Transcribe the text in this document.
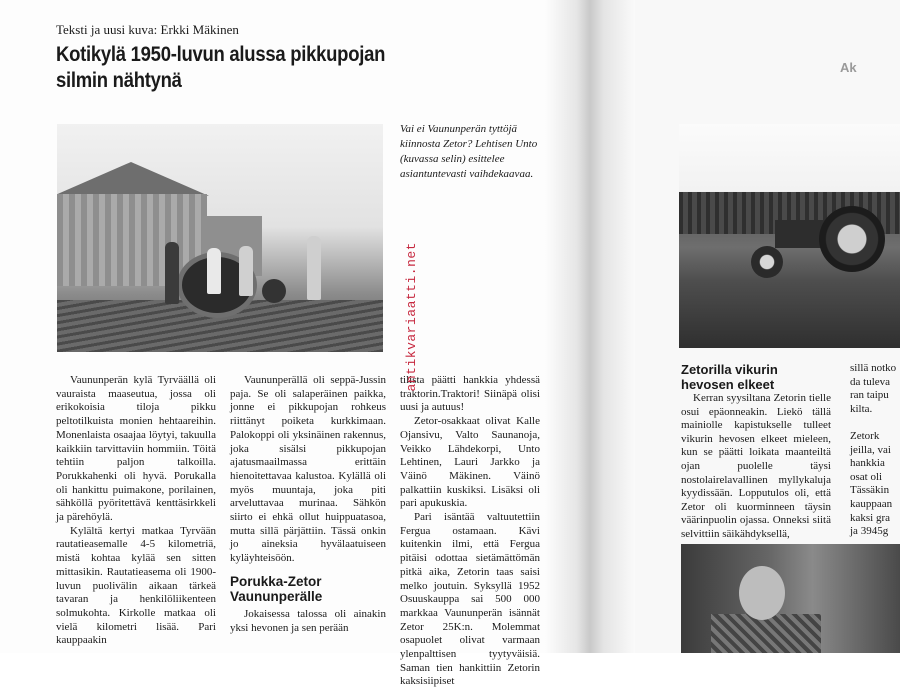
Teksti ja uusi kuva: Erkki Mäkinen
Kotikylä 1950-luvun alussa pikkupojan
silmin nähtynä

Vai ei Vaununperän tyttöjä kiinnosta Zetor? Lehtisen Unto (kuvassa selin) esittelee asiantuntevasti vaihdekaavaa.

Vaununperän kylä Tyrväällä oli vauraista maaseutua, jossa oli erikokoisia tiloja pikku peltotilkuista monien hehtaareihin. Monenlaista osaajaa löytyi, takuulla kaikkiin tarvittaviin hommiin. Töitä tehtiin paljon talkoilla. Porukkahenki oli hyvä. Porukalla oli hankittu puimakone, porilainen, sähköllä pyöritettävä kenttäsirkkeli ja pärehöylä.

Kylältä kertyi matkaa Tyrvään rautatieasemalle 4-5 kilometriä, mistä kohtaa kylää sen sitten mittasikin. Rautatieasema oli 1900-luvun puolivälin aikaan tärkeä tavaran ja henkilöliikenteen solmukohta. Kirkolle matkaa oli vielä kilometri lisää. Pari kauppaakin

Vaununperällä oli seppä-Jussin paja. Se oli salaperäinen paikka, jonne ei pikkupojan rohkeus riittänyt poiketa kurkkimaan. Palokoppi oli yksinäinen rakennus, joka sisälsi pikkupojan ajatusmaailmassa erittäin hienoitettavaa kalustoa. Kylällä oli myös muuntaja, joka piti arveluttavaa murinaa. Sähkön siirto ei ehkä ollut huippuatasoa, mutta sillä pärjättiin. Tässä onkin jo aineksia hyvälaatuiseen kyläyhteisöön.

Porukka-Zetor Vaununperälle

Jokaisessa talossa oli ainakin yksi hevonen ja sen perään

tilista päätti hankkia yhdessä traktorin.Traktori! Siinäpä olisi uusi ja autuus!

Zetor-osakkaat olivat Kalle Ojansivu, Valto Saunanoja, Veikko Lähdekorpi, Unto Lehtinen, Lauri Jarkko ja Väinö Mäkinen. Väinö palkattiin kuskiksi. Lisäksi oli pari apukuskia.

Pari isäntää valtuutettiin Fergua ostamaan. Kävi kuitenkin ilmi, että Fergua pitäisi odottaa sietämättömän pitkä aika, Zetorin taas saisi melko joutuin. Syksyllä 1952 Osuuskauppa sai 500 000 markkaa Vaununperän isännät Zetor 25K:n. Molemmat osapuolet olivat varmaan ylenpalttisen tyytyväisiä. Saman tien hankittiin Zetorin kaksisiipiset

antikvariaatti.net
Ak
Zetorilla vikurin hevosen elkeet

Kerran syysiltana Zetorin tielle osui epäonneakin. Liekö tällä mainiolle kapistukselle tulleet vikurin hevosen elkeet mieleen, kun se päätti loikata maanteiltä ojan puolelle täysi nostolairelavallinen myllykaluja kyydissään. Lopputulos oli, että Zetor oli kuorminneen täysin väärinpuolin ojassa. Onneksi siitä selvittiin säikähdyksellä,

sillä notko
da tuleva
ran taipu
kilta.

Zetork
jeilla, vai
hankkia
osat oli
Tässäkin
kauppaan
kaksi gra
ja 3945g
